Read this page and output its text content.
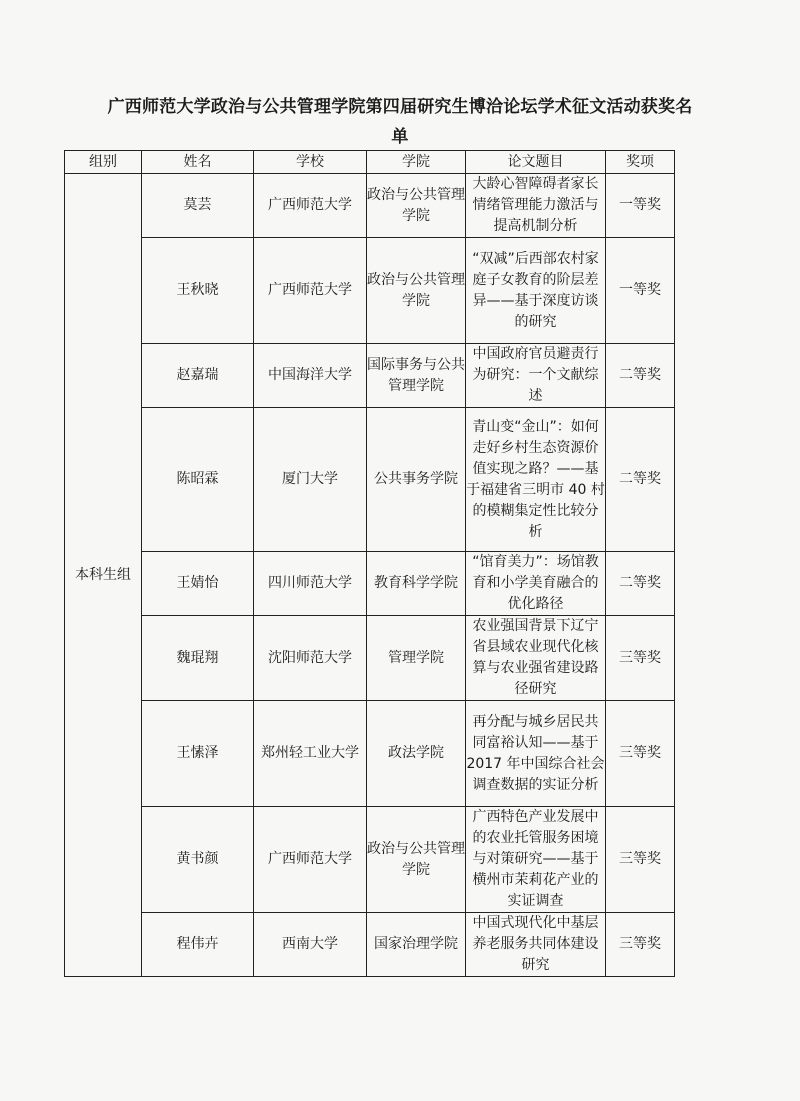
广西师范大学政治与公共管理学院第四届研究生博洽论坛学术征文活动获奖名单
组别	姓名	学校	学院	论文题目	奖项
本科生组	莫芸	广西师范大学	政治与公共管理学院	大龄心智障碍者家长情绪管理能力激活与提高机制分析	一等奖
	王秋晓	广西师范大学	政治与公共管理学院	“双减”后西部农村家庭子女教育的阶层差异——基于深度访谈的研究	一等奖
	赵嘉瑞	中国海洋大学	国际事务与公共管理学院	中国政府官员避责行为研究：一个文献综述	二等奖
	陈昭霖	厦门大学	公共事务学院	青山变“金山”：如何走好乡村生态资源价值实现之路？——基于福建省三明市 40 村的模糊集定性比较分析	二等奖
	王婧怡	四川师范大学	教育科学学院	“馆育美力”：场馆教育和小学美育融合的优化路径	二等奖
	魏琨翔	沈阳师范大学	管理学院	农业强国背景下辽宁省县域农业现代化核算与农业强省建设路径研究	三等奖
	王愫泽	郑州轻工业大学	政法学院	再分配与城乡居民共同富裕认知——基于 2017 年中国综合社会调查数据的实证分析	三等奖
	黄书颜	广西师范大学	政治与公共管理学院	广西特色产业发展中的农业托管服务困境与对策研究——基于横州市茉莉花产业的实证调查	三等奖
	程伟卉	西南大学	国家治理学院	中国式现代化中基层养老服务共同体建设研究	三等奖
